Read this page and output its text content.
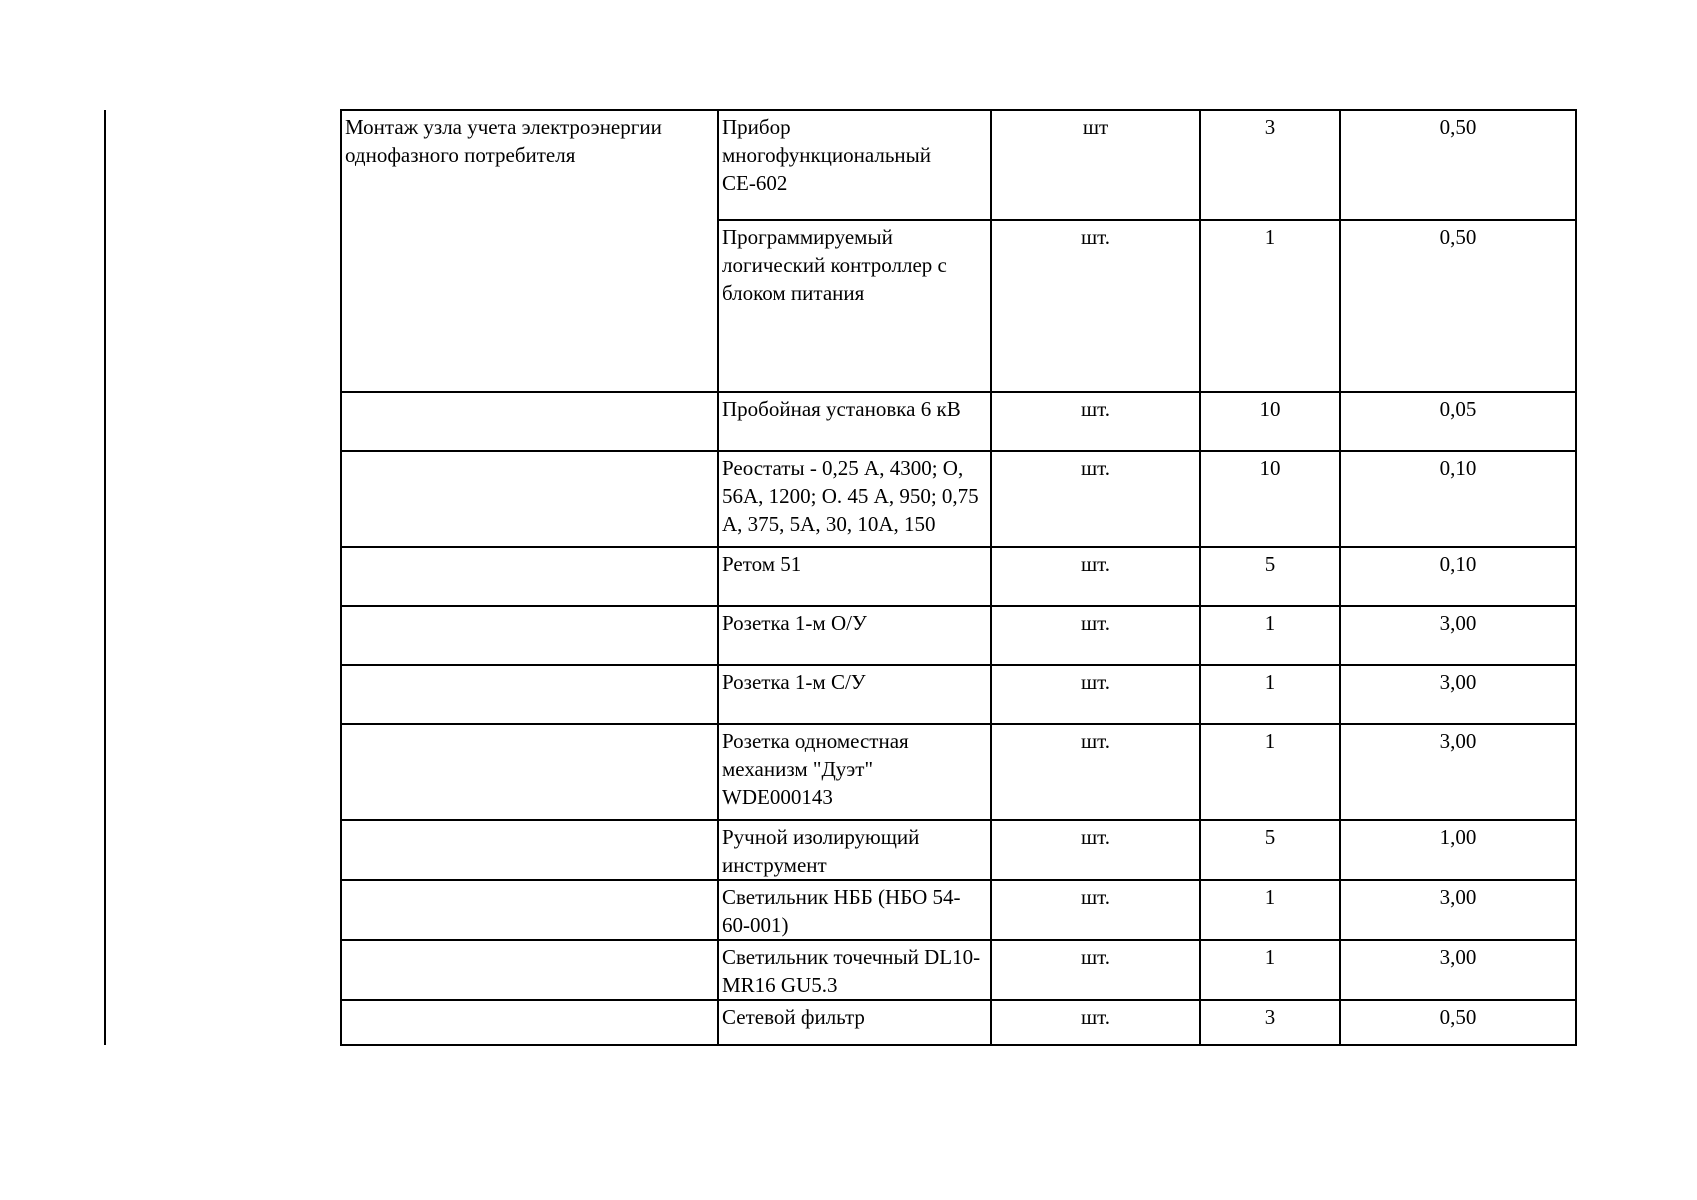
Монтаж узла учета электроэнергии однофазного потребителя	Прибор многофункциональный СЕ-602	шт	3	0,50
	Программируемый логический контроллер с блоком питания	шт.	1	0,50
	Пробойная установка 6 кВ	шт.	10	0,05
	Реостаты - 0,25 А, 4300; О, 56А, 1200; О. 45 А, 950; 0,75 А, 375, 5А, 30, 10А, 150	шт.	10	0,10
	Ретом 51	шт.	5	0,10
	Розетка 1-м О/У	шт.	1	3,00
	Розетка 1-м С/У	шт.	1	3,00
	Розетка одноместная механизм "Дуэт" WDE000143	шт.	1	3,00
	Ручной изолирующий инструмент	шт.	5	1,00
	Светильник НББ (НБО 54-60-001)	шт.	1	3,00
	Светильник точечный DL10-MR16 GU5.3	шт.	1	3,00
	Сетевой фильтр	шт.	3	0,50
